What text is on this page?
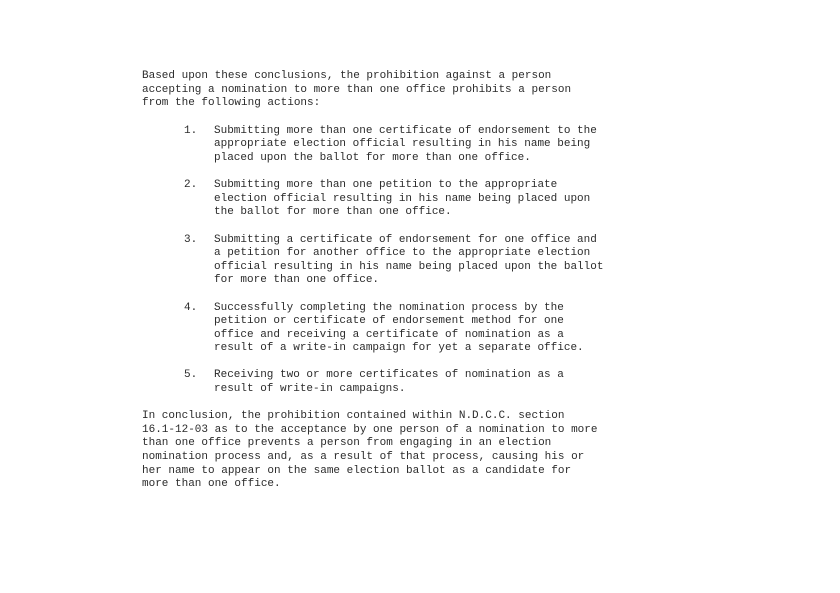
Based upon these conclusions, the prohibition against a person
accepting a nomination to more than one office prohibits a person
from the following actions:

1.	Submitting more than one certificate of endorsement to the
appropriate election official resulting in his name being
placed upon the ballot for more than one office.
2.	Submitting more than one petition to the appropriate
election official resulting in his name being placed upon
the ballot for more than one office.
3.	Submitting a certificate of endorsement for one office and
a petition for another office to the appropriate election
official resulting in his name being placed upon the ballot
for more than one office.
4.	Successfully completing the nomination process by the
petition or certificate of endorsement method for one
office and receiving a certificate of nomination as a
result of a write-in campaign for yet a separate office.
5.	Receiving two or more certificates of nomination as a
result of write-in campaigns.

In conclusion, the prohibition contained within N.D.C.C. section
16.1-12-03 as to the acceptance by one person of a nomination to more
than one office prevents a person from engaging in an election
nomination process and, as a result of that process, causing his or
her name to appear on the same election ballot as a candidate for
more than one office.
